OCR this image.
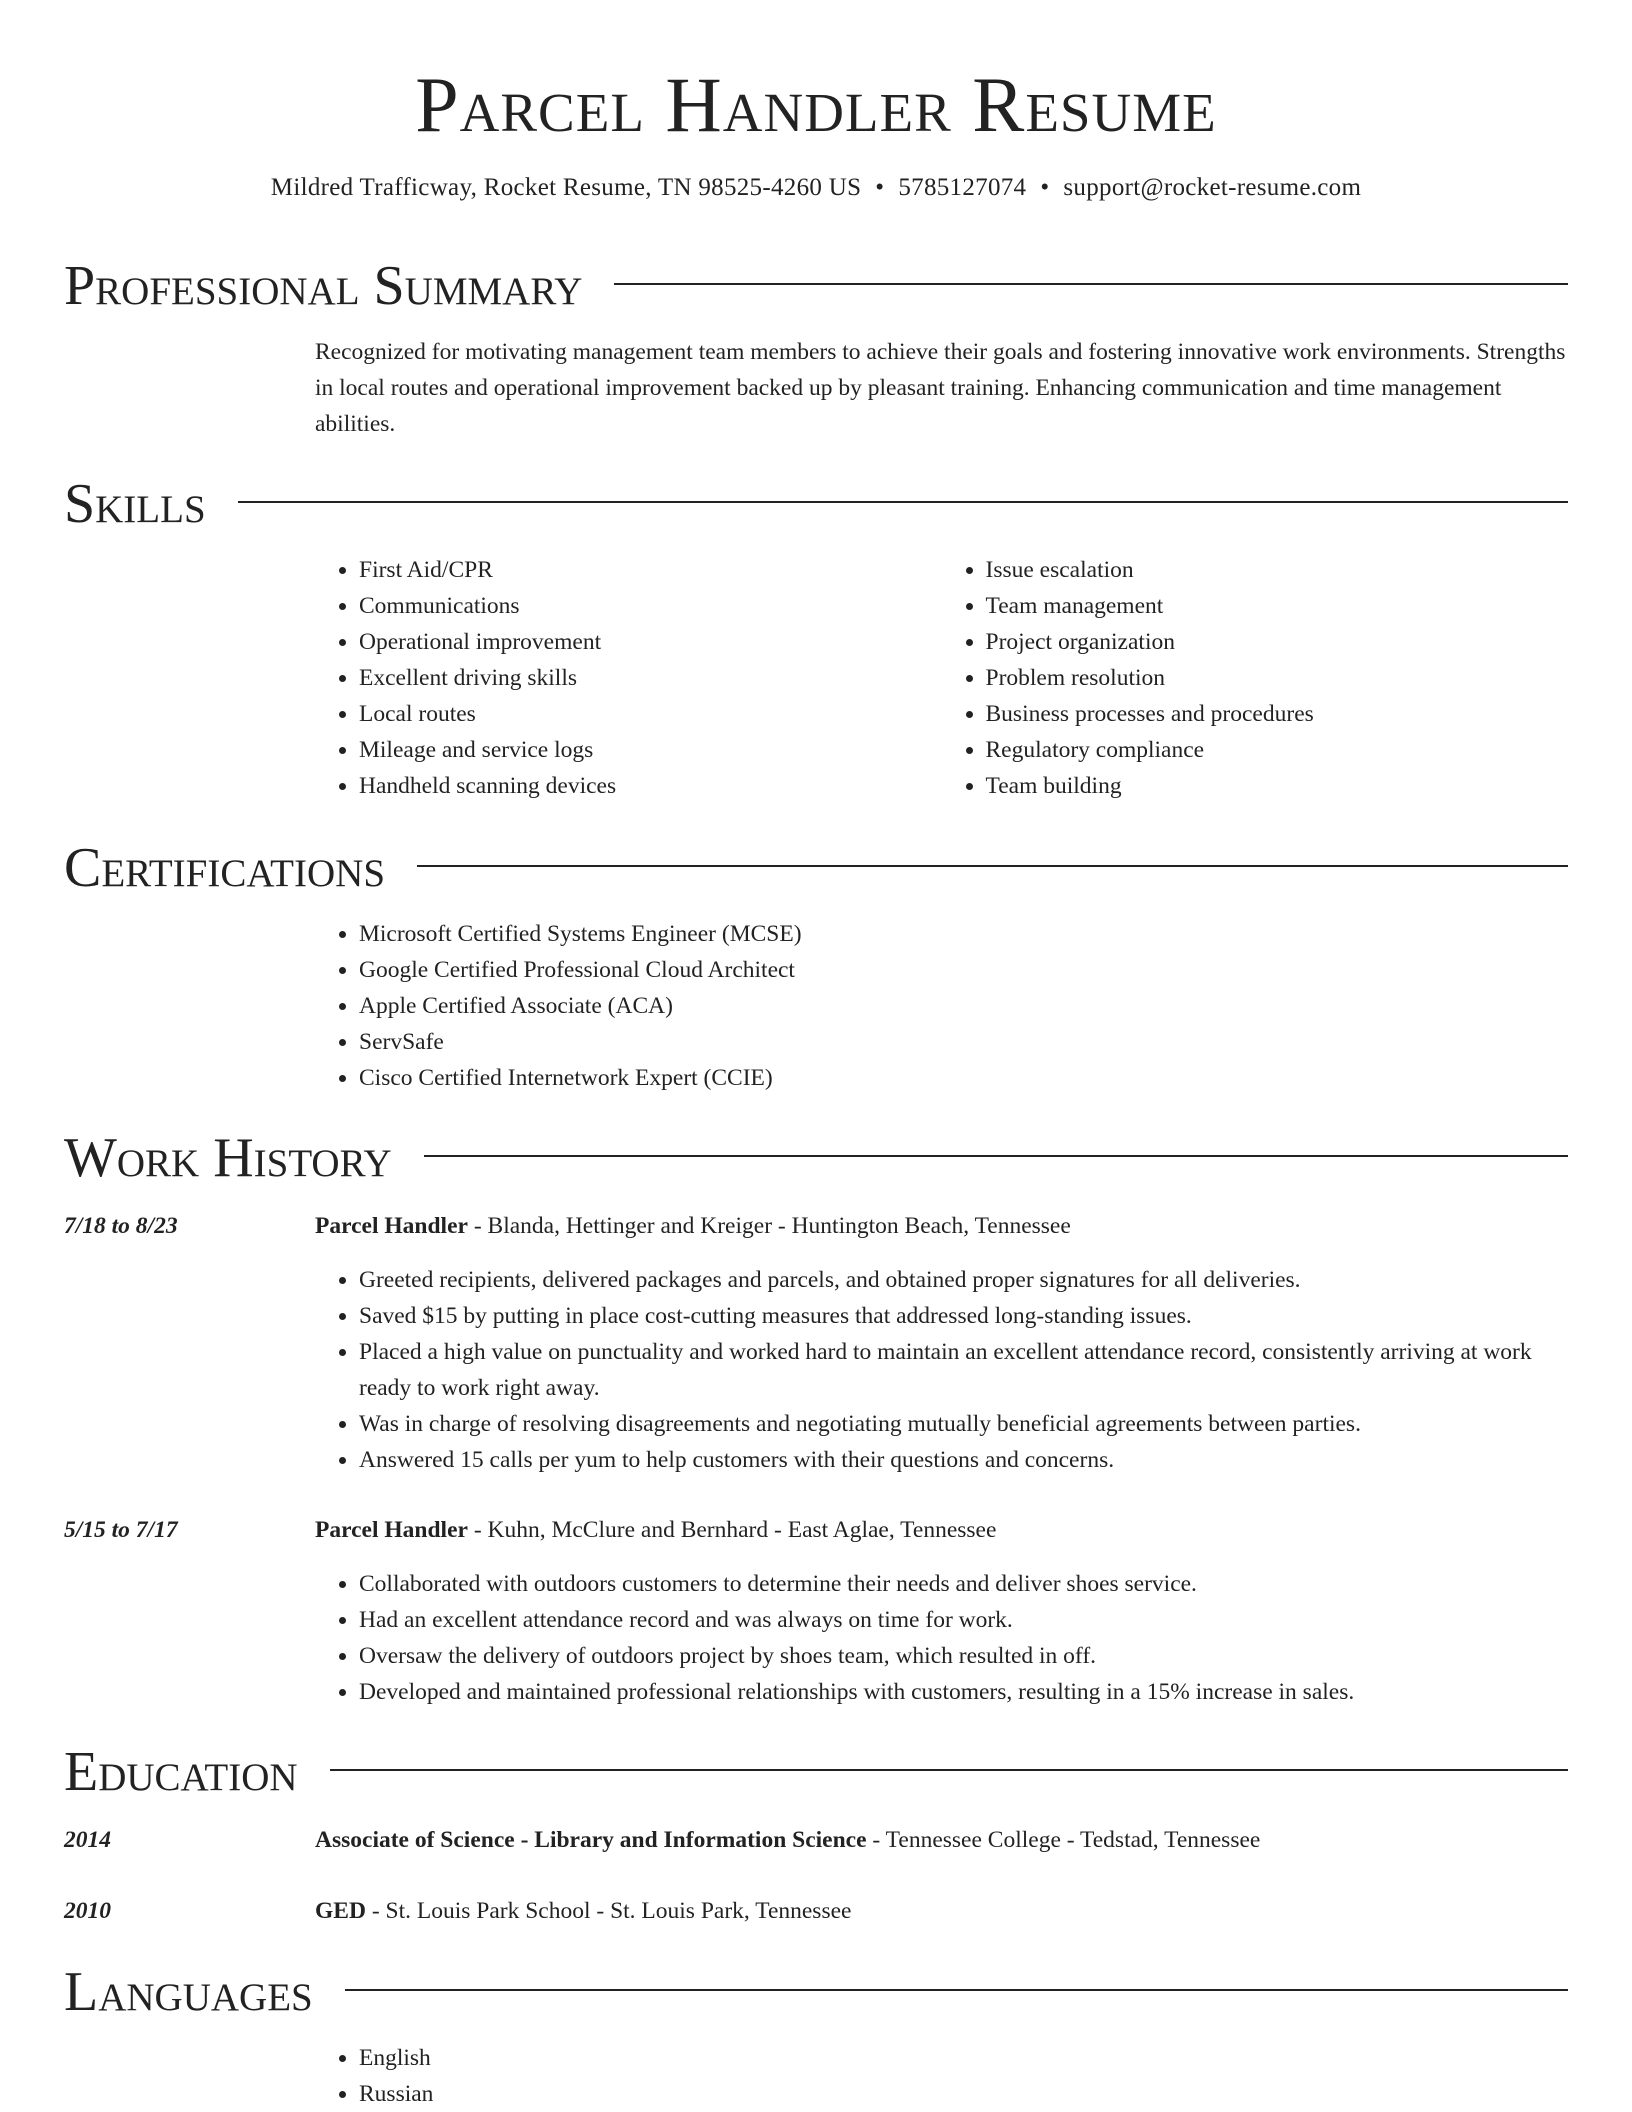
Parcel Handler Resume
Mildred Trafficway, Rocket Resume, TN 98525-4260 US • 5785127074 • support@rocket-resume.com
Professional Summary

Recognized for motivating management team members to achieve their goals and fostering innovative work environments. Strengths in local routes and operational improvement backed up by pleasant training. Enhancing communication and time management abilities.

Skills
• First Aid/CPR
• Communications
• Operational improvement
• Excellent driving skills
• Local routes
• Mileage and service logs
• Handheld scanning devices
• Issue escalation
• Team management
• Project organization
• Problem resolution
• Business processes and procedures
• Regulatory compliance
• Team building
Certifications
• Microsoft Certified Systems Engineer (MCSE)
• Google Certified Professional Cloud Architect
• Apple Certified Associate (ACA)
• ServSafe
• Cisco Certified Internetwork Expert (CCIE)
Work History
7/18 to 8/23	Parcel Handler - Blanda, Hettinger and Kreiger - Huntington Beach, Tennessee
• Greeted recipients, delivered packages and parcels, and obtained proper signatures for all deliveries.
• Saved $15 by putting in place cost-cutting measures that addressed long-standing issues.
• Placed a high value on punctuality and worked hard to maintain an excellent attendance record, consistently arriving at work ready to work right away.
• Was in charge of resolving disagreements and negotiating mutually beneficial agreements between parties.
• Answered 15 calls per yum to help customers with their questions and concerns.
5/15 to 7/17	Parcel Handler - Kuhn, McClure and Bernhard - East Aglae, Tennessee
• Collaborated with outdoors customers to determine their needs and deliver shoes service.
• Had an excellent attendance record and was always on time for work.
• Oversaw the delivery of outdoors project by shoes team, which resulted in off.
• Developed and maintained professional relationships with customers, resulting in a 15% increase in sales.
Education
2014	Associate of Science - Library and Information Science - Tennessee College - Tedstad, Tennessee
2010	GED - St. Louis Park School - St. Louis Park, Tennessee
Languages
• English
• Russian
